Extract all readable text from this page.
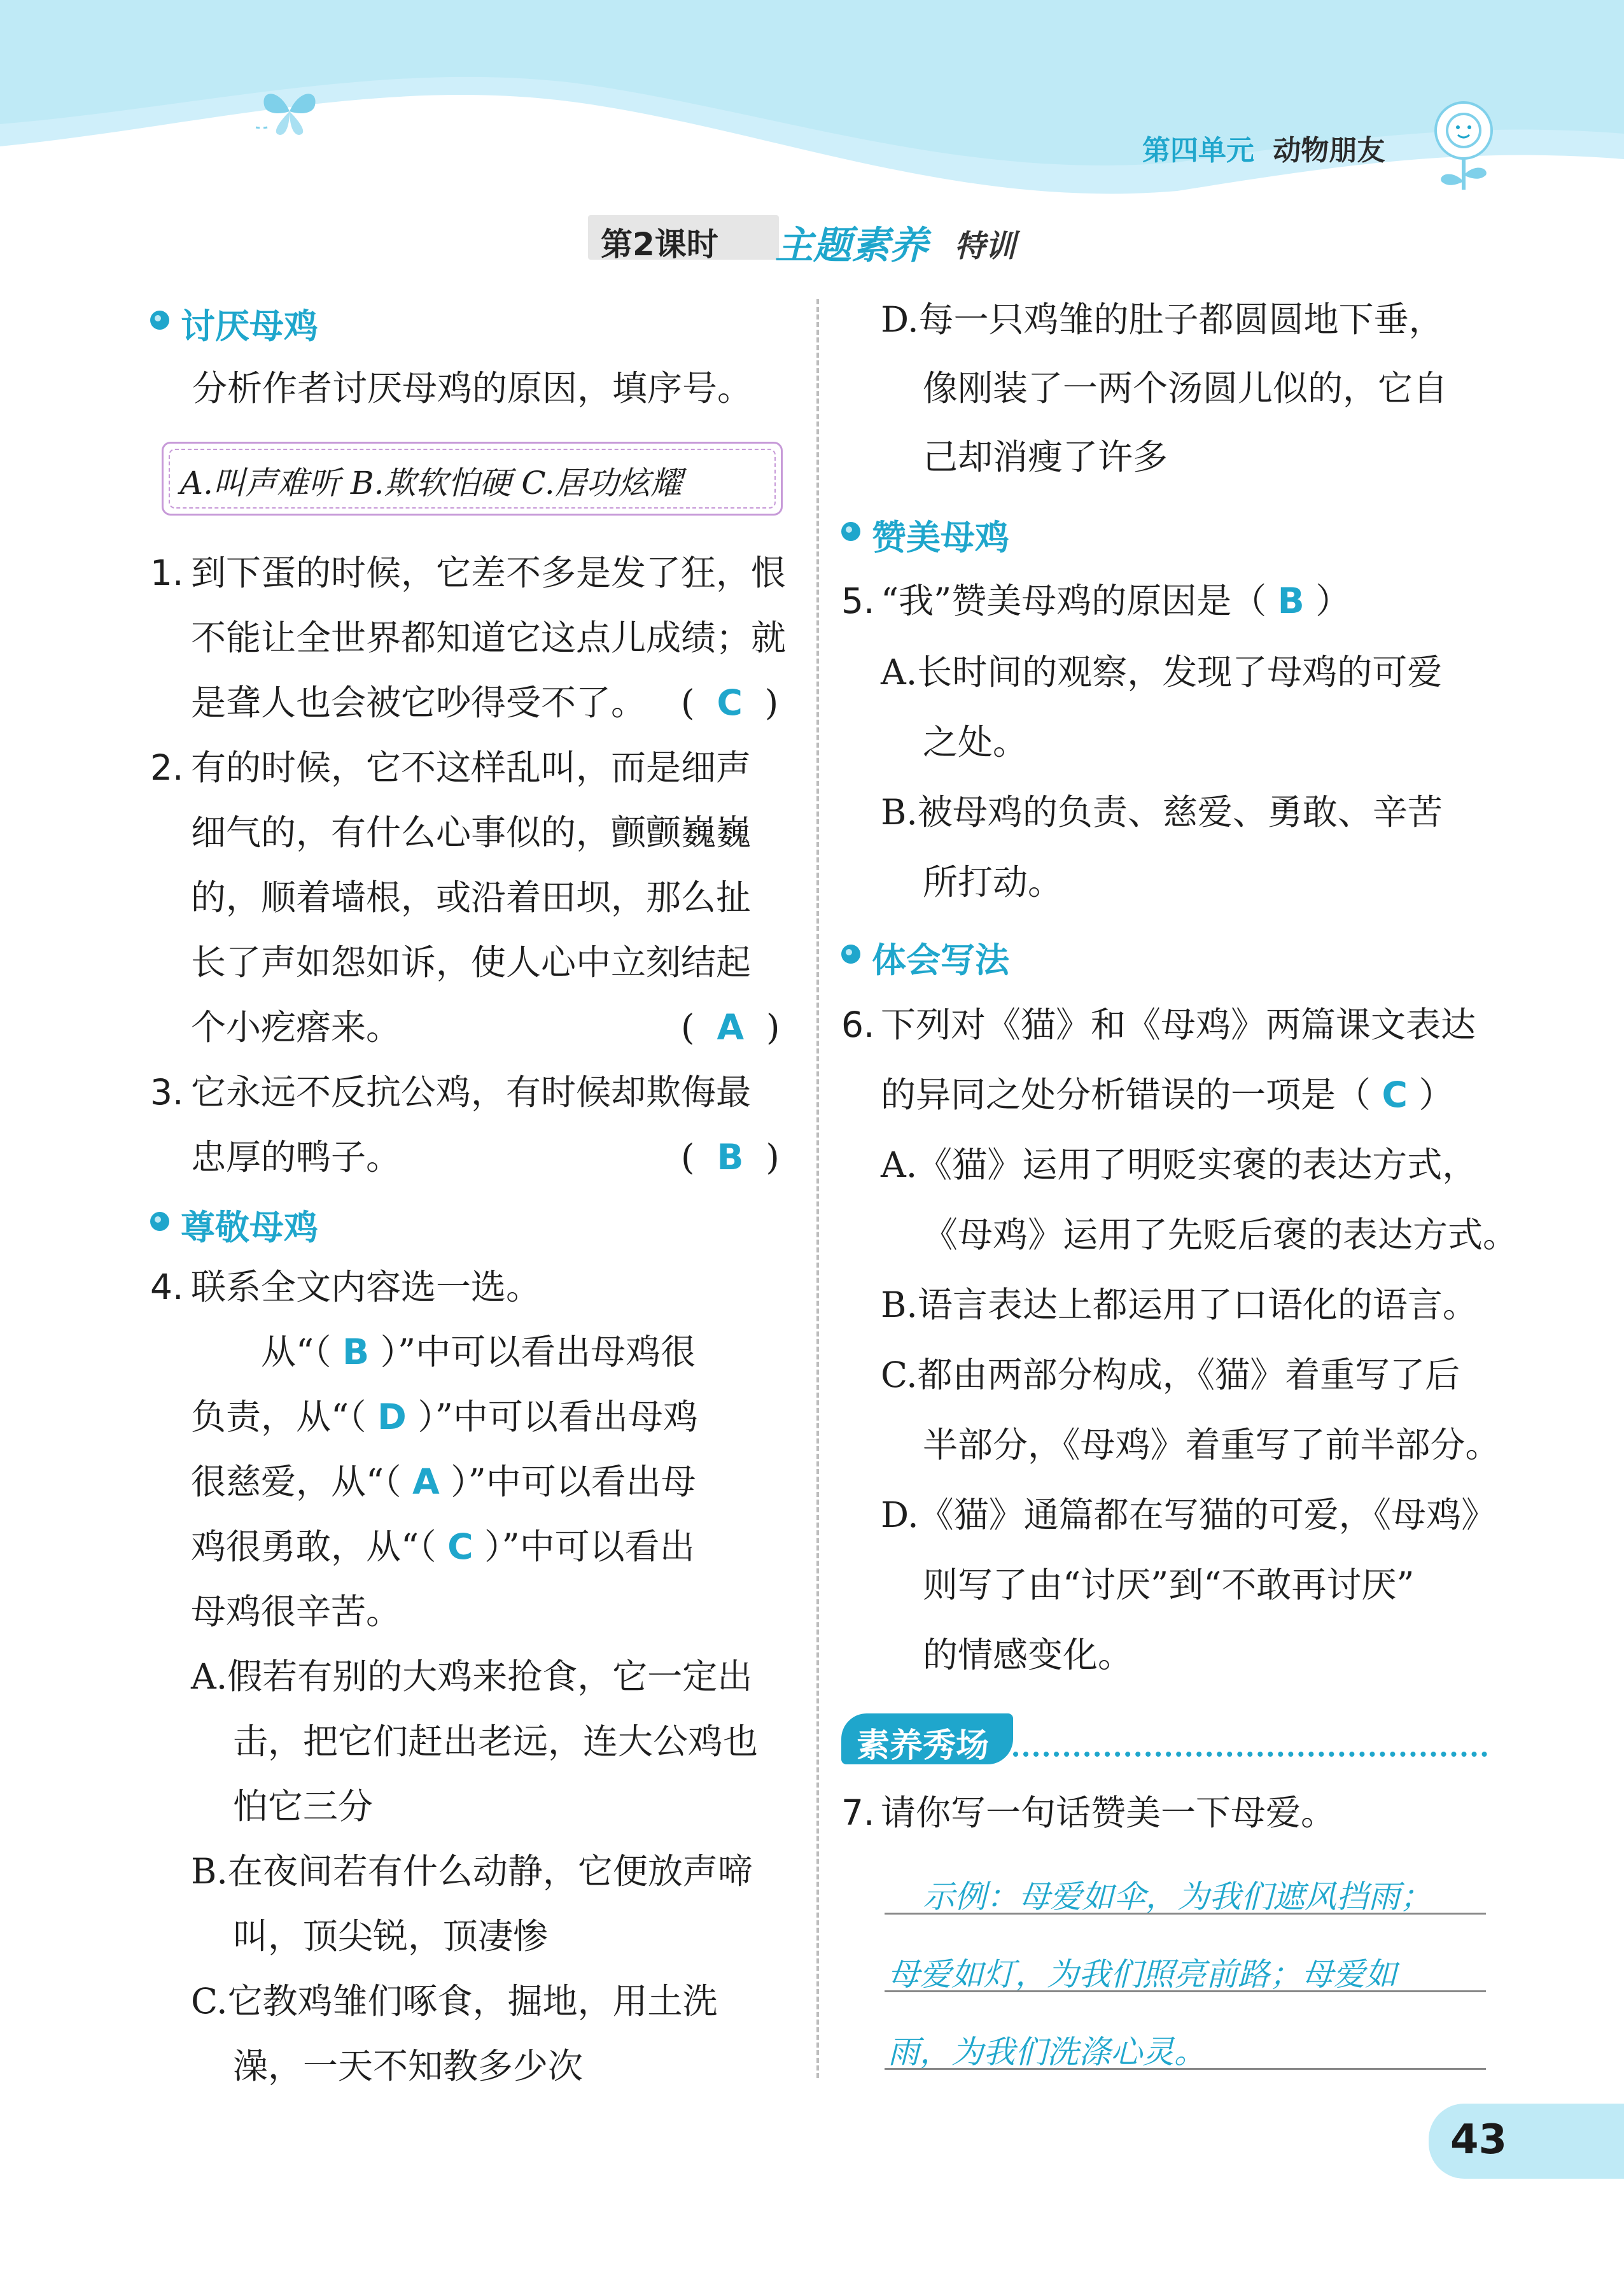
第四单元 动物朋友
第2课时 主题素养 特训
讨厌母鸡
分析作者讨厌母鸡的原因，填序号。
A.叫声难听 B.欺软怕硬 C.居功炫耀
1. 到下蛋的时候，它差不多是发了狂，恨
不能让全世界都知道它这点儿成绩；就
是聋人也会被它吵得受不了。 (  C  )
2. 有的时候，它不这样乱叫，而是细声
细气的，有什么心事似的，颤颤巍巍
的，顺着墙根，或沿着田坝，那么扯
长了声如怨如诉，使人心中立刻结起
个小疙瘩来。	(  A  )
3. 它永远不反抗公鸡，有时候却欺侮最
忠厚的鸭子。	(  B  )
尊敬母鸡
4. 联系全文内容选一选。
从“（ B ）”中可以看出母鸡很
负责，从“（ D ）”中可以看出母鸡
很慈爱，从“（ A ）”中可以看出母
鸡很勇敢，从“（ C ）”中可以看出
母鸡很辛苦。
A.假若有别的大鸡来抢食，它一定出
击，把它们赶出老远，连大公鸡也
怕它三分
B.在夜间若有什么动静，它便放声啼
叫，顶尖锐，顶凄惨
C.它教鸡雏们啄食，掘地，用土洗
澡，一天不知教多少次
D.每一只鸡雏的肚子都圆圆地下垂，
像刚装了一两个汤圆儿似的，它自
己却消瘦了许多
赞美母鸡
5. “我”赞美母鸡的原因是（ B ）
A.长时间的观察，发现了母鸡的可爱
之处。
B.被母鸡的负责、慈爱、勇敢、辛苦
所打动。
体会写法
6. 下列对《猫》和《母鸡》两篇课文表达
的异同之处分析错误的一项是（ C ）
A.《猫》运用了明贬实褒的表达方式，
《母鸡》运用了先贬后褒的表达方式。
B.语言表达上都运用了口语化的语言。
C.都由两部分构成，《猫》着重写了后
半部分，《母鸡》着重写了前半部分。
D.《猫》通篇都在写猫的可爱，《母鸡》
则写了由“讨厌”到“不敢再讨厌”
的情感变化。
素养秀场
7. 请你写一句话赞美一下母爱。
示例：母爱如伞，为我们遮风挡雨；
母爱如灯，为我们照亮前路；母爱如
雨，为我们洗涤心灵。
43
